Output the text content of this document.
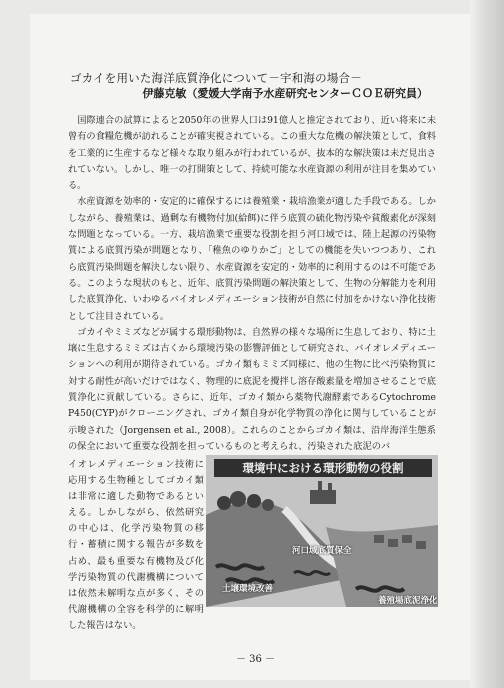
ゴカイを用いた海洋底質浄化について－宇和海の場合－
伊藤克敏（愛媛大学南予水産研究センターＣＯＥ研究員）

国際連合の試算によると2050年の世界人口は91億人と推定されており、近い将来に未曾有の食糧危機が訪れることが確実視されている。この重大な危機の解決策として、食料を工業的に生産するなど様々な取り組みが行われているが、抜本的な解決策は未だ見出されていない。しかし、唯一の打開策として、持続可能な水産資源の利用が注目を集めている。

水産資源を効率的・安定的に確保するには養殖業・栽培漁業が適した手段である。しかしながら、養殖業は、過剰な有機物付加(給餌)に伴う底質の硫化物汚染や貧酸素化が深刻な問題となっている。一方、栽培漁業で重要な役割を担う河口域では、陸上起源の汚染物質による底質汚染が問題となり、「稚魚のゆりかご」としての機能を失いつつあり、これら底質汚染問題を解決しない限り、水産資源を安定的・効率的に利用するのは不可能である。このような現状のもと、近年、底質汚染問題の解決策として、生物の分解能力を利用した底質浄化、いわゆるバイオレメディエーション技術が自然に付加をかけない浄化技術として注目されている。

ゴカイやミミズなどが属する環形動物は、自然界の様々な場所に生息しており、特に土壌に生息するミミズは古くから環境汚染の影響評価として研究され、バイオレメディエーションへの利用が期待されている。ゴカイ類もミミズ同様に、他の生物に比べ汚染物質に対する耐性が高いだけではなく、物理的に底泥を攪拌し溶存酸素量を増加させることで底質浄化に貢献している。さらに、近年、ゴカイ類から薬物代謝酵素であるCytochrome P450(CYP)がクローニングされ、ゴカイ類自身が化学物質の浄化に関与していることが示唆された（Jorgensen et al., 2008）。これらのことからゴカイ類は、沿岸海洋生態系の保全において重要な役割を担っているものと考えられ、汚染された底泥のバ

イオレメディエーション技術に応用する生物種としてゴカイ類は非常に適した動物であるといえる。しかしながら、依然研究の中心は、化学汚染物質の移行・蓄積に関する報告が多数を占め、最も重要な有機物及び化学汚染物質の代謝機構については依然未解明な点が多く、その代謝機構の全容を科学的に解明した報告はない。
環境中における環形動物の役割
土壌環境改善
河口域底質保全
養殖場底泥浄化
－ 36 －
